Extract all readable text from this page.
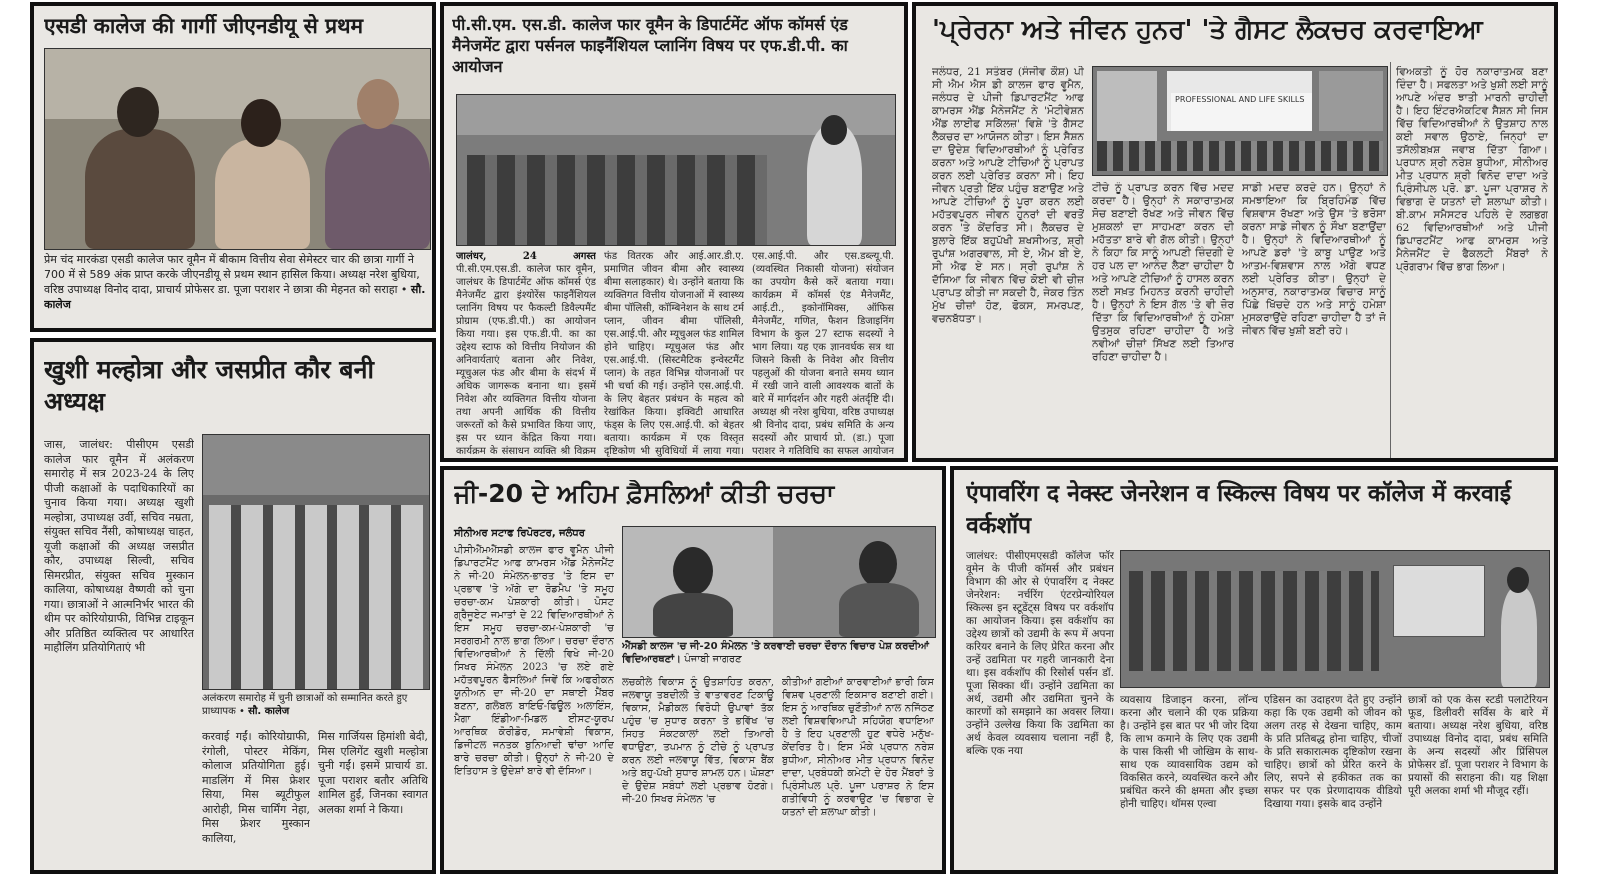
एसडी कालेज की गार्गी जीएनडीयू से प्रथम
प्रेम चंद मारकंडा एसडी कालेज फार वूमैन में बीकाम वित्तीय सेवा सेमेस्टर चार की छात्रा गार्गी ने 700 में से 589 अंक प्राप्त करके जीएनडीयू से प्रथम स्थान हासिल किया। अध्यक्ष नरेश बुधिया, वरिष्ठ उपाध्यक्ष विनोद दादा, प्राचार्य प्रोफेसर डा. पूजा पराशर ने छात्रा की मेहनत को सराहा • सौ. कालेज
पी.सी.एम. एस.डी. कालेज फार वूमैन के डिपार्टमेंट ऑफ कॉमर्स एंड मैनेजमेंट द्वारा पर्सनल फाइनैंशियल प्लानिंग विषय पर एफ.डी.पी. का आयोजन
जालंधर, 24 अगस्त पी.सी.एम.एस.डी. कालेज फार वूमैन, जालंधर के डिपार्टमेंट ऑफ कॉमर्स एंड मैनेजमैंट द्वारा इंश्योरेंस फाइनैंशियल प्लानिंग विषय पर फैकल्टी डिवैल्पमैंट प्रोग्राम (एफ.डी.पी.) का आयोजन किया गया। इस एफ.डी.पी. का का उद्देश्य स्टाफ को वित्तीय नियोजन की अनिवार्यताएं बताना और निवेश, म्यूचुअल फंड और बीमा के संदर्भ में अधिक जागरूक बनाना था। इसमें निवेश और व्यक्तिगत वित्तीय योजना तथा अपनी आर्थिक की वित्तीय जरूरतों को कैसे प्रभावित किया जाए, इस पर ध्यान केंद्रित किया गया। कार्यक्रम के संसाधन व्यक्ति श्री विक्रम
फंड वितरक और आई.आर.डी.ए. प्रमाणित जीवन बीमा और स्वास्थ्य बीमा सलाहकार) थे। उन्होंने बताया कि व्यक्तिगत वित्तीय योजनाओं में स्वास्थ्य बीमा पॉलिसी, कॉम्बिनेशन के साथ टर्म प्लान, जीवन बीमा पॉलिसी, एस.आई.पी. और म्यूचुअल फंड शामिल होने चाहिए। म्यूचुअल फंड और एस.आई.पी. (सिस्टमैटिक इन्वेस्टमैंट प्लान) के तहत विभिन्न योजनाओं पर भी चर्चा की गई। उन्होंने एस.आई.पी. के लिए बेहतर प्रबंधन के महत्व को रेखांकित किया। इक्विटी आधारित फंड्स के लिए एस.आई.पी. को बेहतर बताया। कार्यक्रम में एक विस्तृत दृष्टिकोण भी सुविधियों में लाया गया।
एस.आई.पी. और एस.डब्ल्यू.पी. (व्यवस्थित निकासी योजना) संयोजन का उपयोग कैसे करें बताया गया। कार्यक्रम में कॉमर्स एंड मैनेजमैंट, आई.टी., इकोनॉमिक्स, ऑफिस मैनेजमैंट, गणित, फैशन डिजाइनिंग विभाग के कुल 27 स्टाफ सदस्यों ने भाग लिया। यह एक ज्ञानवर्धक सत्र था जिसने किसी के निवेश और वित्तीय पहलुओं की योजना बनाते समय ध्यान में रखी जाने वाली आवश्यक बातों के बारे में मार्गदर्शन और गहरी अंतर्दृष्टि दी। अध्यक्ष श्री नरेश बुधिया, वरिष्ठ उपाध्यक्ष श्री विनोद दादा, प्रबंध समिति के अन्य सदस्यों और प्राचार्य प्रो. (डा.) पूजा पराशर ने गतिविधि का सफल आयोजन
'ਪ੍ਰੇਰਨਾ ਅਤੇ ਜੀਵਨ ਹੁਨਰ' 'ਤੇ ਗੈਸਟ ਲੈਕਚਰ ਕਰਵਾਇਆ
PROFESSIONAL AND LIFE SKILLS
ਜਲੰਧਰ, 21 ਸਤੰਬਰ (ਸੰਜੀਵ ਕੌਸ਼) ਪੀ ਸੀ ਐਮ ਐਸ ਡੀ ਕਾਲਜ ਫਾਰ ਵੂਮੈਨ, ਜਲੰਧਰ ਦੇ ਪੀਜੀ ਡਿਪਾਰਟਮੈਂਟ ਆਫ ਕਾਮਰਸ ਐਂਡ ਮੈਨੇਜਮੈਂਟ ਨੇ 'ਮੋਟੀਵੇਸ਼ਨ ਐਂਡ ਲਾਈਫ ਸਕਿੱਲਜ਼' ਵਿਸ਼ੇ 'ਤੇ ਗੈਸਟ ਲੈਕਚਰ ਦਾ ਆਯੋਜਨ ਕੀਤਾ। ਇਸ ਸੈਸ਼ਨ ਦਾ ਉਦੇਸ਼ ਵਿਦਿਆਰਥੀਆਂ ਨੂੰ ਪ੍ਰੇਰਿਤ ਕਰਨਾ ਅਤੇ ਆਪਣੇ ਟੀਚਿਆਂ ਨੂੰ ਪ੍ਰਾਪਤ ਕਰਨ ਲਈ ਪ੍ਰੇਰਿਤ ਕਰਨਾ ਸੀ। ਇਹ ਜੀਵਨ ਪ੍ਰਤੀ ਇੱਕ ਪਹੁੰਚ ਬਣਾਉਣ ਅਤੇ ਆਪਣੇ ਟੀਚਿਆਂ ਨੂੰ ਪੂਰਾ ਕਰਨ ਲਈ ਮਹੱਤਵਪੂਰਨ ਜੀਵਨ ਹੁਨਰਾਂ ਦੀ ਵਰਤੋਂ ਕਰਨ 'ਤੇ ਕੇਂਦਰਿਤ ਸੀ। ਲੈਕਚਰ ਦੇ ਬੁਲਾਰੇ ਇੱਕ ਬਹੁਪੱਖੀ ਸ਼ਖਸੀਅਤ, ਸ਼੍ਰੀ ਰੁਪਾਂਸ਼ ਅਗਰਵਾਲ, ਸੀ ਏ, ਐਮ ਬੀ ਏ, ਸੀ ਐਫ ਏ ਸਨ। ਸ੍ਰੀ ਰੁਪਾਂਸ਼ ਨੇ ਦੱਸਿਆ ਕਿ ਜੀਵਨ ਵਿੱਚ ਕੋਈ ਵੀ ਚੀਜ਼ ਪ੍ਰਾਪਤ ਕੀਤੀ ਜਾ ਸਕਦੀ ਹੈ, ਜੇਕਰ ਤਿੰਨ ਮੁੱਖ ਚੀਜ਼ਾਂ ਹੋਣ, ਫੋਕਸ, ਸਮਰਪਣ, ਵਚਨਬੱਧਤਾ।
ਟੀਚੇ ਨੂੰ ਪ੍ਰਾਪਤ ਕਰਨ ਵਿੱਚ ਮਦਦ ਕਰਦਾ ਹੈ। ਉਨ੍ਹਾਂ ਨੇ ਸਕਾਰਾਤਮਕ ਸੋਚ ਬਣਾਈ ਰੱਖਣ ਅਤੇ ਜੀਵਨ ਵਿੱਚ ਮੁਸ਼ਕਲਾਂ ਦਾ ਸਾਹਮਣਾ ਕਰਨ ਦੀ ਮਹੱਤਤਾ ਬਾਰੇ ਵੀ ਗੱਲ ਕੀਤੀ। ਉਨ੍ਹਾਂ ਨੇ ਕਿਹਾ ਕਿ ਸਾਨੂੰ ਆਪਣੀ ਜ਼ਿੰਦਗੀ ਦੇ ਹਰ ਪਲ ਦਾ ਆਨੰਦ ਲੈਣਾ ਚਾਹੀਦਾ ਹੈ ਅਤੇ ਆਪਣੇ ਟੀਚਿਆਂ ਨੂੰ ਹਾਸਲ ਕਰਨ ਲਈ ਸਖ਼ਤ ਮਿਹਨਤ ਕਰਨੀ ਚਾਹੀਦੀ ਹੈ। ਉਨ੍ਹਾਂ ਨੇ ਇਸ ਗੱਲ 'ਤੇ ਵੀ ਜ਼ੋਰ ਦਿੱਤਾ ਕਿ ਵਿਦਿਆਰਥੀਆਂ ਨੂੰ ਹਮੇਸ਼ਾ ਉਤਸੁਕ ਰਹਿਣਾ ਚਾਹੀਦਾ ਹੈ ਅਤੇ ਨਵੀਆਂ ਚੀਜ਼ਾਂ ਸਿੱਖਣ ਲਈ ਤਿਆਰ ਰਹਿਣਾ ਚਾਹੀਦਾ ਹੈ।
ਸਾਡੀ ਮਦਦ ਕਰਦੇ ਹਨ। ਉਨ੍ਹਾਂ ਨੇ ਸਮਝਾਇਆ ਕਿ ਬ੍ਰਿਹਿਮੰਡ ਵਿੱਚ ਵਿਸ਼ਵਾਸ ਰੱਖਣਾ ਅਤੇ ਉਸ 'ਤੇ ਭਰੋਸਾ ਕਰਨਾ ਸਾਡੇ ਜੀਵਨ ਨੂੰ ਸੌਖਾ ਬਣਾਉਂਦਾ ਹੈ। ਉਨ੍ਹਾਂ ਨੇ ਵਿਦਿਆਰਥੀਆਂ ਨੂੰ ਆਪਣੇ ਡਰਾਂ 'ਤੇ ਕਾਬੂ ਪਾਉਣ ਅਤੇ ਆਤਮ-ਵਿਸ਼ਵਾਸ ਨਾਲ ਅੱਗੇ ਵਧਣ ਲਈ ਪ੍ਰੇਰਿਤ ਕੀਤਾ। ਉਨ੍ਹਾਂ ਦੇ ਅਨੁਸਾਰ, ਨਕਾਰਾਤਮਕ ਵਿਚਾਰ ਸਾਨੂੰ ਪਿੱਛੇ ਖਿੱਚਦੇ ਹਨ ਅਤੇ ਸਾਨੂੰ ਹਮੇਸ਼ਾ ਮੁਸਕਰਾਉਂਦੇ ਰਹਿਣਾ ਚਾਹੀਦਾ ਹੈ ਤਾਂ ਜੋ ਜੀਵਨ ਵਿੱਚ ਖੁਸ਼ੀ ਬਣੀ ਰਹੇ।
ਵਿਅਕਤੀ ਨੂੰ ਹੋਰ ਨਕਾਰਾਤਮਕ ਬਣਾ ਦਿੰਦਾ ਹੈ। ਸਫਲਤਾ ਅਤੇ ਖੁਸ਼ੀ ਲਈ ਸਾਨੂੰ ਆਪਣੇ ਅੰਦਰ ਝਾਤੀ ਮਾਰਨੀ ਚਾਹੀਦੀ ਹੈ। ਇਹ ਇੰਟਰਐਕਟਿਵ ਸੈਸ਼ਨ ਸੀ ਜਿਸ ਵਿੱਚ ਵਿਦਿਆਰਥੀਆਂ ਨੇ ਉਤਸ਼ਾਹ ਨਾਲ ਕਈ ਸਵਾਲ ਉਠਾਏ, ਜਿਨ੍ਹਾਂ ਦਾ ਤਸੱਲੀਬਖ਼ਸ਼ ਜਵਾਬ ਦਿੱਤਾ ਗਿਆ। ਪ੍ਰਧਾਨ ਸ਼੍ਰੀ ਨਰੇਸ਼ ਬੁਧੀਆ, ਸੀਨੀਅਰ ਮੀਤ ਪ੍ਰਧਾਨ ਸ਼੍ਰੀ ਵਿਨੋਦ ਦਾਦਾ ਅਤੇ ਪ੍ਰਿੰਸੀਪਲ ਪ੍ਰੋ. ਡਾ. ਪੂਜਾ ਪ੍ਰਾਸ਼ਰ ਨੇ ਵਿਭਾਗ ਦੇ ਯਤਨਾਂ ਦੀ ਸ਼ਲਾਘਾ ਕੀਤੀ। ਬੀ.ਕਾਮ ਸਮੈਸਟਰ ਪਹਿਲੇ ਦੇ ਲਗਭਗ 62 ਵਿਦਿਆਰਥੀਆਂ ਅਤੇ ਪੀਜੀ ਡਿਪਾਰਟਮੈਂਟ ਆਫ ਕਾਮਰਸ ਅਤੇ ਮੈਨੇਜਮੈਂਟ ਦੇ ਫੈਕਲਟੀ ਮੈਂਬਰਾਂ ਨੇ ਪ੍ਰੋਗਰਾਮ ਵਿੱਚ ਭਾਗ ਲਿਆ।
खुशी मल्होत्रा और जसप्रीत कौर बनी अध्यक्ष
जास, जालंधर: पीसीएम एसडी कालेज फार वूमैन में अलंकरण समारोह में सत्र 2023-24 के लिए पीजी कक्षाओं के पदाधिकारियों का चुनाव किया गया। अध्यक्ष खुशी मल्होत्रा, उपाध्यक्ष उर्वी, सचिव नम्रता, संयुक्त सचिव नैंसी, कोषाध्यक्ष चाहत, यूजी कक्षाओं की अध्यक्ष जसप्रीत कौर, उपाध्यक्ष सिल्वी, सचिव सिमरप्रीत, संयुक्त सचिव मुस्कान कालिया, कोषाध्यक्ष वैष्णवी को चुना गया। छात्राओं ने आत्मनिर्भर भारत की थीम पर कोरियोग्राफी, विभिन्न टाइकून और प्रतिष्ठित व्यक्तित्व पर आधारित माहौलिंग प्रतियोगिताएं भी
अलंकरण समारोह में चुनी छात्राओं को सम्मानित करते हुए प्राध्यापक • सौ. कालेज
करवाई गईं। कोरियोग्राफी, रंगोली, पोस्टर मेकिंग, कोलाज प्रतियोगिता हुई। माडलिंग में मिस फ्रेशर सिया, मिस ब्यूटीफुल आरोही, मिस चार्मिंग नेहा, मिस फ्रेशर मुस्कान कालिया,
मिस गार्जियस हिमांशी बेदी, मिस एलिगेंट खुशी मल्होत्रा चुनी गईं। इसमें प्राचार्य डा. पूजा पराशर बतौर अतिथि शामिल हुईं, जिनका स्वागत अलका शर्मा ने किया।
ਜੀ-20 ਦੇ ਅਹਿਮ ਫ਼ੈਸਲਿਆਂ ਕੀਤੀ ਚਰਚਾ
ਸੀਨੀਅਰ ਸਟਾਫ ਰਿਪੋਰਟਰ, ਜਲੰਧਰ
ਪੀਸੀਐੱਮਐੱਸਡੀ ਕਾਲਜ ਫਾਰ ਵੂਮੈਨ ਪੀਜੀ ਡਿਪਾਰਟਮੈਂਟ ਆਫ ਕਾਮਰਸ ਐਂਡ ਮੈਨੇਜਮੈਂਟ ਨੇ ਜੀ-20 ਸੰਮੇਲਨ-ਭਾਰਤ 'ਤੇ ਇਸ ਦਾ ਪ੍ਰਭਾਵ 'ਤੇ ਅੱਗੇ ਦਾ ਰੋਡਮੈਪ 'ਤੇ ਸਮੂਹ ਚਰਚਾ-ਕਮ ਪੇਸ਼ਕਾਰੀ ਕੀਤੀ। ਪੋਸਟ ਗ੍ਰੈਜੂਏਟ ਜਮਾਤਾਂ ਦੇ 22 ਵਿਦਿਆਰਥੀਆਂ ਨੇ ਇਸ ਸਮੂਹ ਚਰਚਾ-ਕਮ-ਪੇਸ਼ਕਾਰੀ 'ਚ ਸਰਗਰਮੀ ਨਾਲ ਭਾਗ ਲਿਆ। ਚਰਚਾ ਦੌਰਾਨ ਵਿਦਿਆਰਥੀਆਂ ਨੇ ਦਿੱਲੀ ਵਿਖੇ ਜੀ-20 ਸਿਖਰ ਸੰਮੇਲਨ 2023 'ਚ ਲਏ ਗਏ ਮਹੱਤਵਪੂਰਨ ਫੈਸਲਿਆਂ ਜਿਵੇਂ ਕਿ ਅਫਰੀਕਨ ਯੂਨੀਅਨ ਦਾ ਜੀ-20 ਦਾ ਸਥਾਈ ਮੈਂਬਰ ਬਣਨਾ, ਗਲੋਬਲ ਬਾਇਓ-ਫਿਊਲ ਅਲਾਇੰਸ, ਮੈਗਾ ਇੰਡੀਆ-ਮਿਡਲ ਈਸਟ-ਯੂਰਪ ਆਰਥਿਕ ਕੋਰੀਡੋਰ, ਸਮਾਵੇਸ਼ੀ ਵਿਕਾਸ, ਡਿਜੀਟਲ ਜਨਤਕ ਬੁਨਿਆਦੀ ਢਾਂਚਾ ਆਦਿ ਬਾਰੇ ਚਰਚਾ ਕੀਤੀ। ਉਨ੍ਹਾਂ ਨੇ ਜੀ-20 ਦੇ ਇਤਿਹਾਸ ਤੇ ਉਦੇਸ਼ਾਂ ਬਾਰੇ ਵੀ ਦੱਸਿਆ।
ਐੱਸਡੀ ਕਾਲਜ 'ਚ ਜੀ-20 ਸੰਮੇਲਨ 'ਤੇ ਕਰਵਾਈ ਚਰਚਾ ਦੌਰਾਨ ਵਿਚਾਰ ਪੇਸ਼ ਕਰਦੀਆਂ ਵਿਦਿਆਰਥਣਾਂ। ਪੰਜਾਬੀ ਜਾਗਰਣ
ਲਚਕੀਲੇ ਵਿਕਾਸ ਨੂੰ ਉਤਸ਼ਾਹਿਤ ਕਰਨਾ, ਜਲਵਾਯੂ ਤਬਦੀਲੀ ਤੇ ਵਾਤਾਵਰਣ ਟਿਕਾਊ ਵਿਕਾਸ, ਮੈਡੀਕਲ ਵਿਰੋਧੀ ਉਪਾਵਾਂ ਤੱਕ ਪਹੁੰਚ 'ਚ ਸੁਧਾਰ ਕਰਨਾ ਤੇ ਭਵਿੱਖ 'ਚ ਸਿਹਤ ਸੰਕਟਕਾਲਾਂ ਲਈ ਤਿਆਰੀ ਵਧਾਉਣਾ, ਤਪਮਾਨ ਨੂੰ ਟੀਚੇ ਨੂੰ ਪ੍ਰਾਪਤ ਕਰਨ ਲਈ ਜਲਵਾਯੂ ਵਿੱਤ, ਵਿਕਾਸ ਬੈਂਕ ਅਤੇ ਬਹੁ-ਪੱਖੀ ਸੁਧਾਰ ਸ਼ਾਮਲ ਹਨ। ਘੋਸ਼ਣਾ ਦੇ ਉਦੇਸ਼ ਸਬੰਧਾਂ ਲਈ ਪ੍ਰਭਾਵ ਹੋਣਗੇ। ਜੀ-20 ਸਿਖਰ ਸੰਮੇਲਨ 'ਚ
ਕੀਤੀਆਂ ਗਈਆਂ ਕਾਰਵਾਈਆਂ ਭਾਰੀ ਕਿਸ ਵਿਸ਼ਵ ਪ੍ਰਣਾਲੀ ਇਕਸਾਰ ਬਣਾਈ ਗਈ। ਇਸ ਨੂੰ ਆਰਥਿਕ ਚੁਣੌਤੀਆਂ ਨਾਲ ਨਜਿੱਠਣ ਲਈ ਵਿਸ਼ਵਵਿਆਪੀ ਸਹਿਯੋਗ ਵਧਾਇਆ ਹੈ ਤੇ ਇਹ ਪ੍ਰਣਾਲੀ ਹੁਣ ਵਧੇਰੇ ਮਨੁੱਖ-ਕੇਂਦਰਿਤ ਹੈ। ਇਸ ਮੌਕੇ ਪ੍ਰਧਾਨ ਨਰੇਸ਼ ਬੁਧੀਆ, ਸੀਨੀਅਰ ਮੀਤ ਪ੍ਰਧਾਨ ਵਿਨੋਦ ਦਾਦਾ, ਪ੍ਰਬੰਧਕੀ ਕਮੇਟੀ ਦੇ ਹੋਰ ਮੈਂਬਰਾਂ ਤੇ ਪ੍ਰਿੰਸੀਪਲ ਪ੍ਰੋ. ਪੂਜਾ ਪਰਾਸ਼ਰ ਨੇ ਇਸ ਗਤੀਵਿਧੀ ਨੂੰ ਕਰਵਾਉਣ 'ਚ ਵਿਭਾਗ ਦੇ ਯਤਨਾਂ ਦੀ ਸ਼ਲਾਘਾ ਕੀਤੀ।
एंपावरिंग द नेक्स्ट जेनरेशन व स्किल्स विषय पर कॉलेज में करवाई वर्कशॉप
जालंधर: पीसीएमएसडी कॉलेज फॉर वूमेन के पीजी कॉमर्स और प्रबंधन विभाग की ओर से एंपावरिंग द नेक्स्ट जेनरेशन: नर्चरिंग एंटरप्रेन्योरियल स्किल्स इन स्टूडेंट्स विषय पर वर्कशॉप का आयोजन किया। इस वर्कशॉप का उद्देश्य छात्रों को उद्यमी के रूप में अपना करियर बनाने के लिए प्रेरित करना और उन्हें उद्यमिता पर गहरी जानकारी देना था। इस वर्कशॉप की रिसोर्स पर्सन डॉ. पूजा सिक्का थीं। उन्होंने उद्यमिता का अर्थ, उद्यमी और उद्यमिता चुनने के कारणों को समझाने का अवसर लिया। उन्होंने उल्लेख किया कि उद्यमिता का अर्थ केवल व्यवसाय चलाना नहीं है, बल्कि एक नया
व्यवसाय डिजाइन करना, लॉन्च करना और चलाने की एक प्रक्रिया है। उन्होंने इस बात पर भी जोर दिया कि लाभ कमाने के लिए एक उद्यमी के पास किसी भी जोखिम के साथ-साथ एक व्यावसायिक उद्यम को विकसित करने, व्यवस्थित करने और प्रबंधित करने की क्षमता और इच्छा होनी चाहिए। थॉमस एल्वा
एडिसन का उदाहरण देते हुए उन्होंने कहा कि एक उद्यमी को जीवन को अलग तरह से देखना चाहिए, काम के प्रति प्रतिबद्ध होना चाहिए, चीजों के प्रति सकारात्मक दृष्टिकोण रखना चाहिए। छात्रों को प्रेरित करने के लिए, सपने से हकीकत तक का सफर पर एक प्रेरणादायक वीडियो दिखाया गया। इसके बाद उन्होंने
छात्रों को एक केस स्टडी पलाटेरियन फूड, डिलीवरी सर्विस के बारे में बताया। अध्यक्ष नरेश बुधिया, वरिष्ठ उपाध्यक्ष विनोद दादा, प्रबंध समिति के अन्य सदस्यों और प्रिंसिपल प्रोफेसर डॉ. पूजा पराशर ने विभाग के प्रयासों की सराहना की। यह शिक्षा पूरी अलका शर्मा भी मौजूद रहीं।
